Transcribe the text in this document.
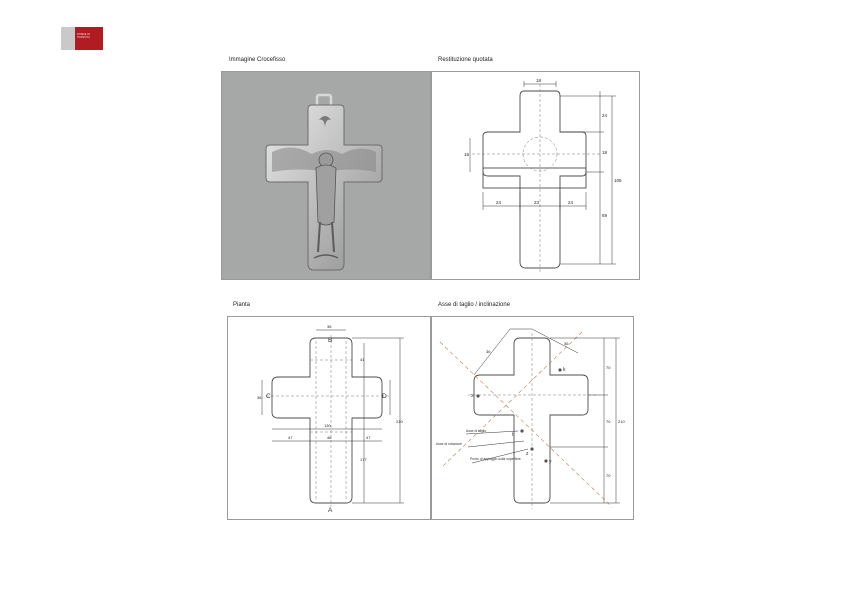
ROMAE IN
TRANSITU
Immagine Crocefisso	Restituzione quotata
Pianta	Asse di taglio / inclinazione
18
24
18
59
105
16
24	23	24
B
A
C	D
36
41
177
210
36
130
47	46	47
k
x
t
z
y
Asse di taglio
Asse di rotazione
Punto di appoggio sulla superficie
36
36
70
70
70
210
